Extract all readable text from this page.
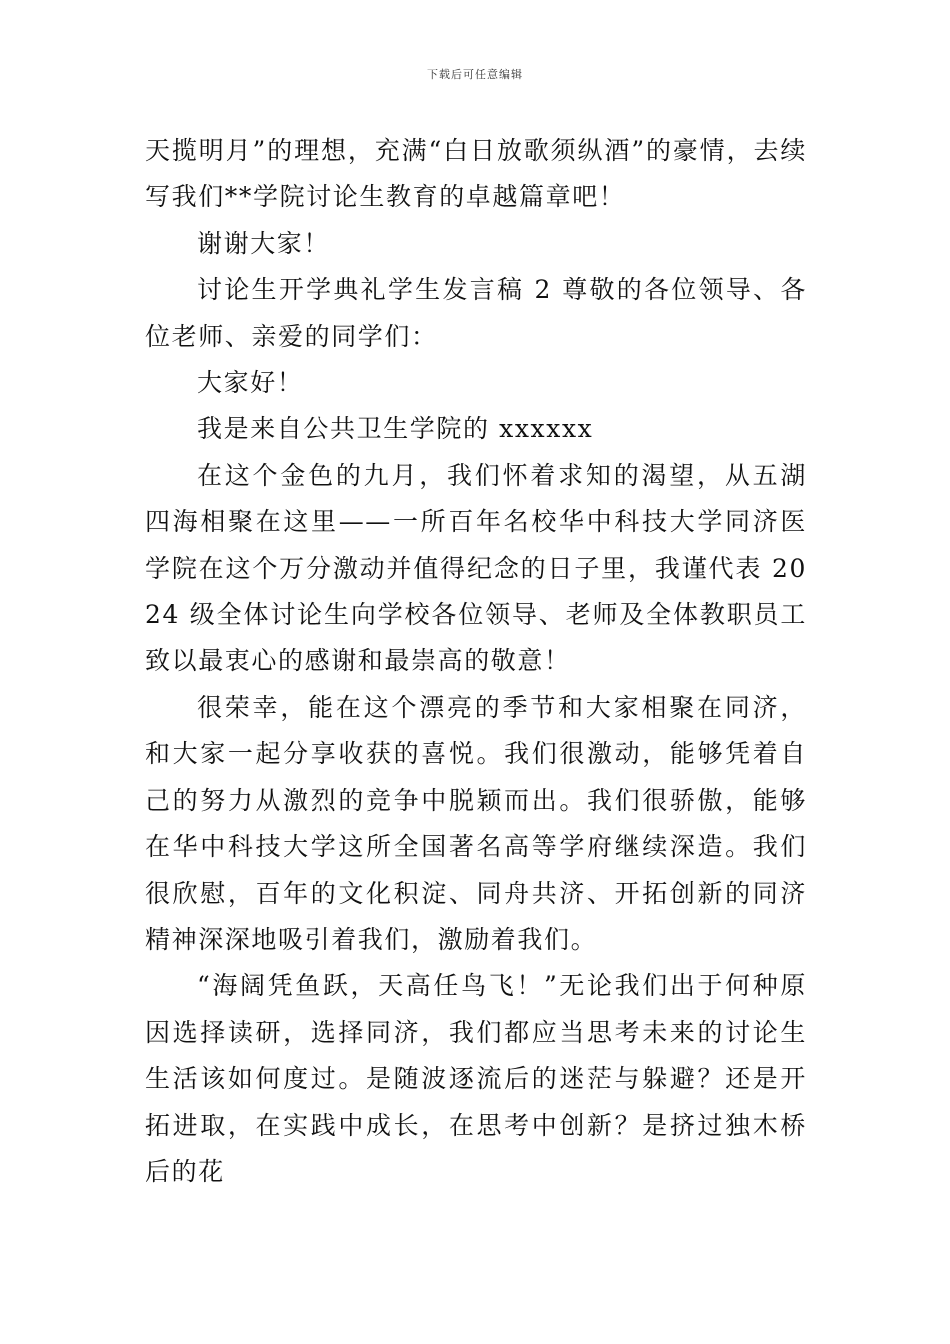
下载后可任意编辑

天揽明月”的理想，充满“白日放歌须纵酒”的豪情，去续写我们**学院讨论生教育的卓越篇章吧！

谢谢大家！

讨论生开学典礼学生发言稿 2 尊敬的各位领导、各位老师、亲爱的同学们：

大家好！

我是来自公共卫生学院的 xxxxxx

在这个金色的九月，我们怀着求知的渴望，从五湖四海相聚在这里——一所百年名校华中科技大学同济医学院在这个万分激动并值得纪念的日子里，我谨代表 2024 级全体讨论生向学校各位领导、老师及全体教职员工致以最衷心的感谢和最崇高的敬意！

很荣幸，能在这个漂亮的季节和大家相聚在同济，和大家一起分享收获的喜悦。我们很激动，能够凭着自己的努力从激烈的竞争中脱颖而出。我们很骄傲，能够在华中科技大学这所全国著名高等学府继续深造。我们很欣慰，百年的文化积淀、同舟共济、开拓创新的同济精神深深地吸引着我们，激励着我们。

“海阔凭鱼跃，天高任鸟飞！”无论我们出于何种原因选择读研，选择同济，我们都应当思考未来的讨论生生活该如何度过。是随波逐流后的迷茫与躲避？还是开拓进取，在实践中成长，在思考中创新？是挤过独木桥后的花
